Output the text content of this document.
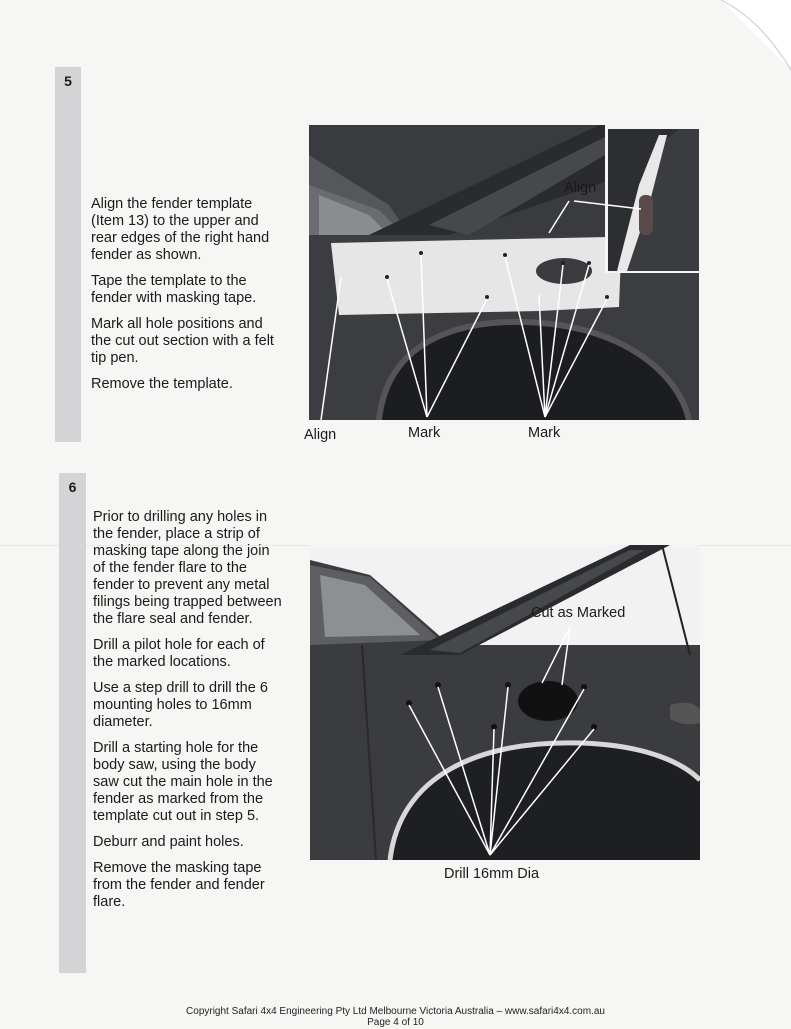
5

Align the fender template (Item 13) to the upper and rear edges of the right hand fender as shown.

Tape the template to the fender with masking tape.

Mark all hole positions and the cut out section with a felt tip pen.

Remove the template.

Align
Align	Mark	Mark
6

Prior to drilling any holes in the fender, place a strip of masking tape along the join of the fender flare to the fender to prevent any metal filings being trapped between the flare seal and fender.

Drill a pilot hole for each of the marked locations.

Use a step drill to drill the 6 mounting holes to 16mm diameter.

Drill a starting hole for the body saw, using the body saw cut the main hole in the fender as marked from the template cut out in step 5.

Deburr and paint holes.

Remove the masking tape from the fender and fender flare.

Cut as Marked
Drill 16mm Dia
Copyright Safari 4x4 Engineering Pty Ltd Melbourne Victoria Australia – www.safari4x4.com.au
Page 4 of 10
